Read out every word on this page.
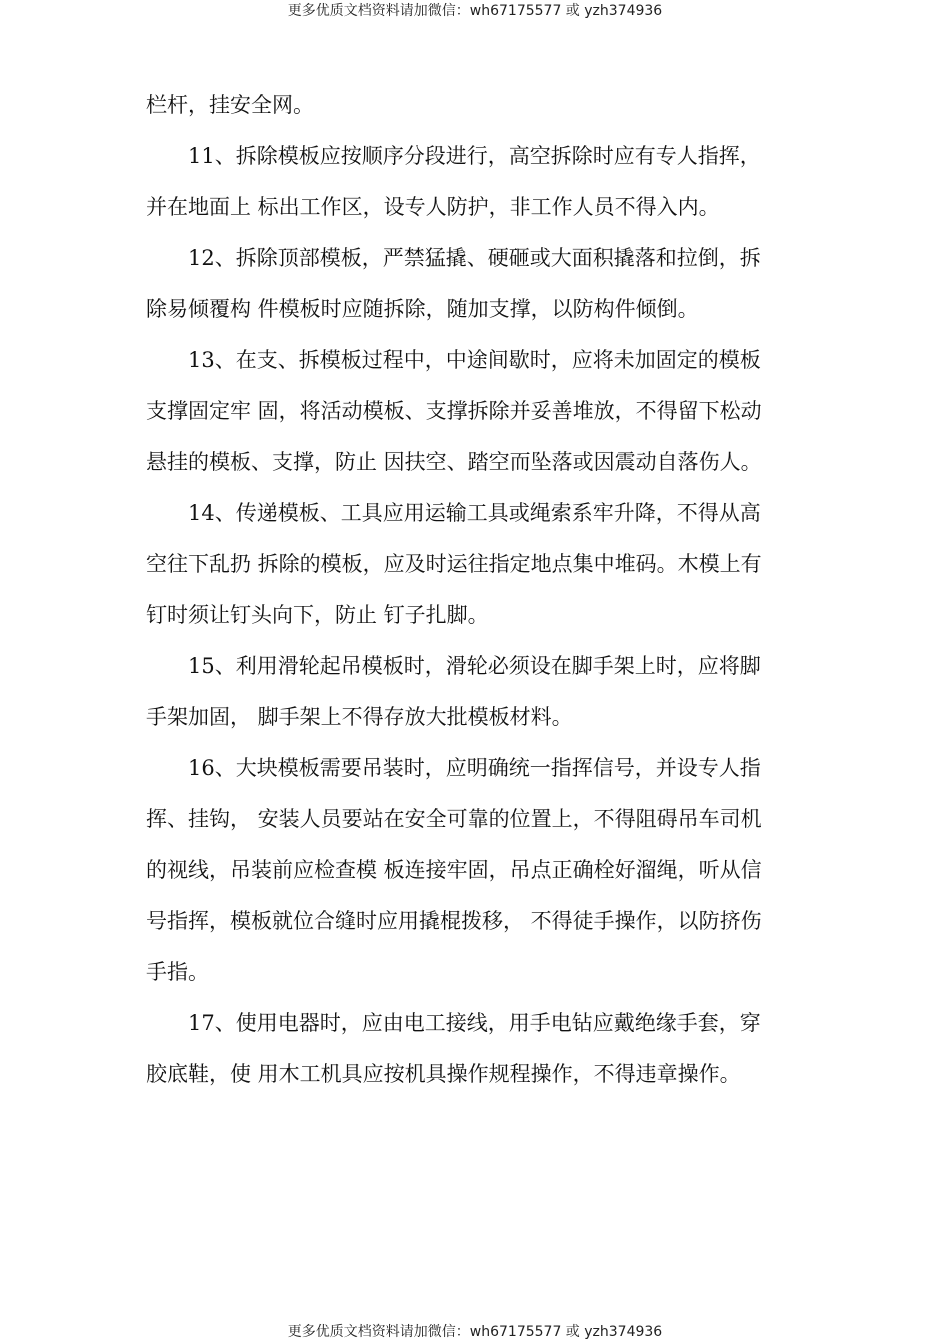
更多优质文档资料请加微信：wh67175577 或 yzh374936

栏杆，挂安全网。

11、拆除模板应按顺序分段进行，高空拆除时应有专人指挥，
并在地面上 标出工作区，设专人防护，非工作人员不得入内。

12、拆除顶部模板，严禁猛撬、硬砸或大面积撬落和拉倒，拆
除易倾覆构 件模板时应随拆除，随加支撑，以防构件倾倒。

13、在支、拆模板过程中，中途间歇时，应将未加固定的模板
支撑固定牢 固，将活动模板、支撑拆除并妥善堆放，不得留下松动
悬挂的模板、支撑，防止 因扶空、踏空而坠落或因震动自落伤人。

14、传递模板、工具应用运输工具或绳索系牢升降，不得从高
空往下乱扔 拆除的模板，应及时运往指定地点集中堆码。木模上有
钉时须让钉头向下，防止 钉子扎脚。

15、利用滑轮起吊模板时，滑轮必须设在脚手架上时，应将脚
手架加固， 脚手架上不得存放大批模板材料。

16、大块模板需要吊装时，应明确统一指挥信号，并设专人指
挥、挂钩， 安装人员要站在安全可靠的位置上，不得阻碍吊车司机
的视线，吊装前应检查模 板连接牢固，吊点正确栓好溜绳，听从信
号指挥，模板就位合缝时应用撬棍拨移， 不得徒手操作，以防挤伤
手指。

17、使用电器时，应由电工接线，用手电钻应戴绝缘手套，穿
胶底鞋，使 用木工机具应按机具操作规程操作，不得违章操作。

更多优质文档资料请加微信：wh67175577 或 yzh374936
